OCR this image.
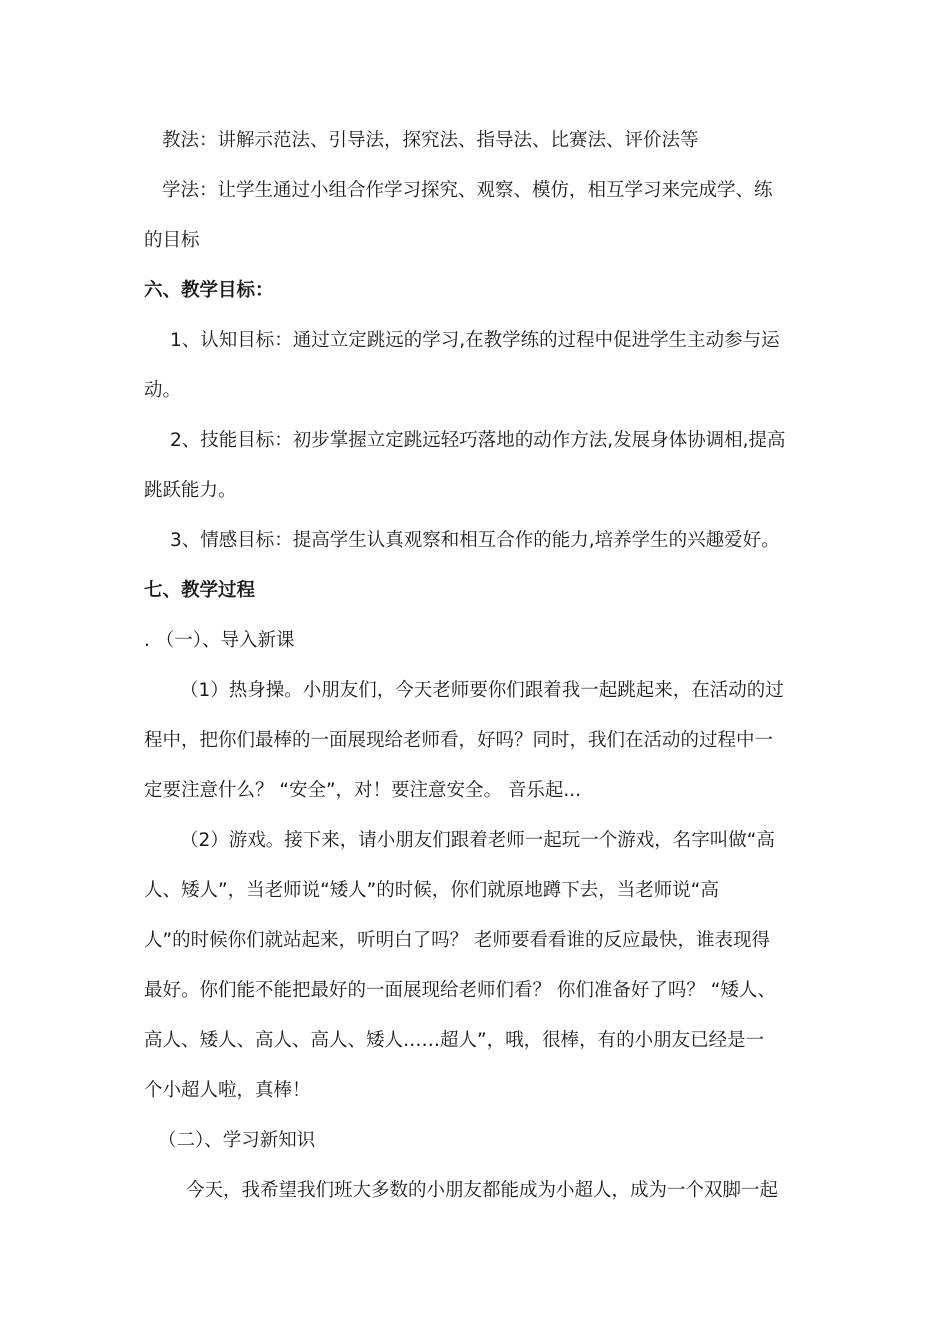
教法：讲解示范法、引导法，探究法、指导法、比赛法、评价法等
学法：让学生通过小组合作学习探究、观察、模仿，相互学习来完成学、练
的目标
六、教学目标：
1、认知目标：通过立定跳远的学习,在教学练的过程中促进学生主动参与运
动。
2、技能目标：初步掌握立定跳远轻巧落地的动作方法,发展身体协调相,提高
跳跃能力。
3、情感目标：提高学生认真观察和相互合作的能力,培养学生的兴趣爱好。
七、教学过程
. （一）、导入新课
（1）热身操。小朋友们，今天老师要你们跟着我一起跳起来，在活动的过
程中，把你们最棒的一面展现给老师看，好吗？同时，我们在活动的过程中一
定要注意什么？ “安全”，对！要注意安全。 音乐起...
（2）游戏。接下来，请小朋友们跟着老师一起玩一个游戏，名字叫做“高
人、矮人”，当老师说“矮人”的时候，你们就原地蹲下去，当老师说“高
人”的时候你们就站起来，听明白了吗？ 老师要看看谁的反应最快，谁表现得
最好。你们能不能把最好的一面展现给老师们看？ 你们准备好了吗？ “矮人、
高人、矮人、高人、高人、矮人……超人”，哦，很棒，有的小朋友已经是一
个小超人啦，真棒！
（二）、学习新知识
今天，我希望我们班大多数的小朋友都能成为小超人，成为一个双脚一起
